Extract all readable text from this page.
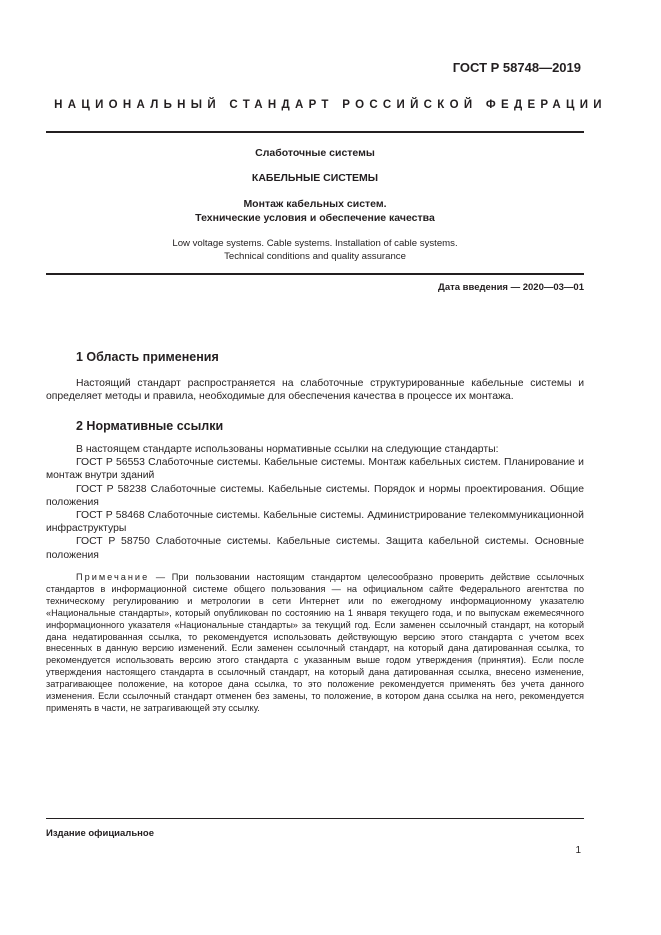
ГОСТ Р 58748—2019

НАЦИОНАЛЬНЫЙ СТАНДАРТ РОССИЙСКОЙ ФЕДЕРАЦИИ

Слаботочные системы

КАБЕЛЬНЫЕ СИСТЕМЫ

Монтаж кабельных систем.

Технические условия и обеспечение качества

Low voltage systems. Cable systems. Installation of cable systems.

Technical conditions and quality assurance

Дата введения — 2020—03—01

1 Область применения

Настоящий стандарт распространяется на слаботочные структурированные кабельные системы и определяет методы и правила, необходимые для обеспечения качества в процессе их монтажа.

2 Нормативные ссылки

В настоящем стандарте использованы нормативные ссылки на следующие стандарты:

ГОСТ Р 56553 Слаботочные системы. Кабельные системы. Монтаж кабельных систем. Планирование и монтаж внутри зданий

ГОСТ Р 58238 Слаботочные системы. Кабельные системы. Порядок и нормы проектирования. Общие положения

ГОСТ Р 58468 Слаботочные системы. Кабельные системы. Администрирование телекоммуникационной инфраструктуры

ГОСТ Р 58750 Слаботочные системы. Кабельные системы. Защита кабельной системы. Основные положения

Примечание — При пользовании настоящим стандартом целесообразно проверить действие ссылочных стандартов в информационной системе общего пользования — на официальном сайте Федерального агентства по техническому регулированию и метрологии в сети Интернет или по ежегодному информационному указателю «Национальные стандарты», который опубликован по состоянию на 1 января текущего года, и по выпускам ежемесячного информационного указателя «Национальные стандарты» за текущий год. Если заменен ссылочный стандарт, на который дана недатированная ссылка, то рекомендуется использовать действующую версию этого стандарта с учетом всех внесенных в данную версию изменений. Если заменен ссылочный стандарт, на который дана датированная ссылка, то рекомендуется использовать версию этого стандарта с указанным выше годом утверждения (принятия). Если после утверждения настоящего стандарта в ссылочный стандарт, на который дана датированная ссылка, внесено изменение, затрагивающее положение, на которое дана ссылка, то это положение рекомендуется применять без учета данного изменения. Если ссылочный стандарт отменен без замены, то положение, в котором дана ссылка на него, рекомендуется применять в части, не затрагивающей эту ссылку.

Издание официальное

1
